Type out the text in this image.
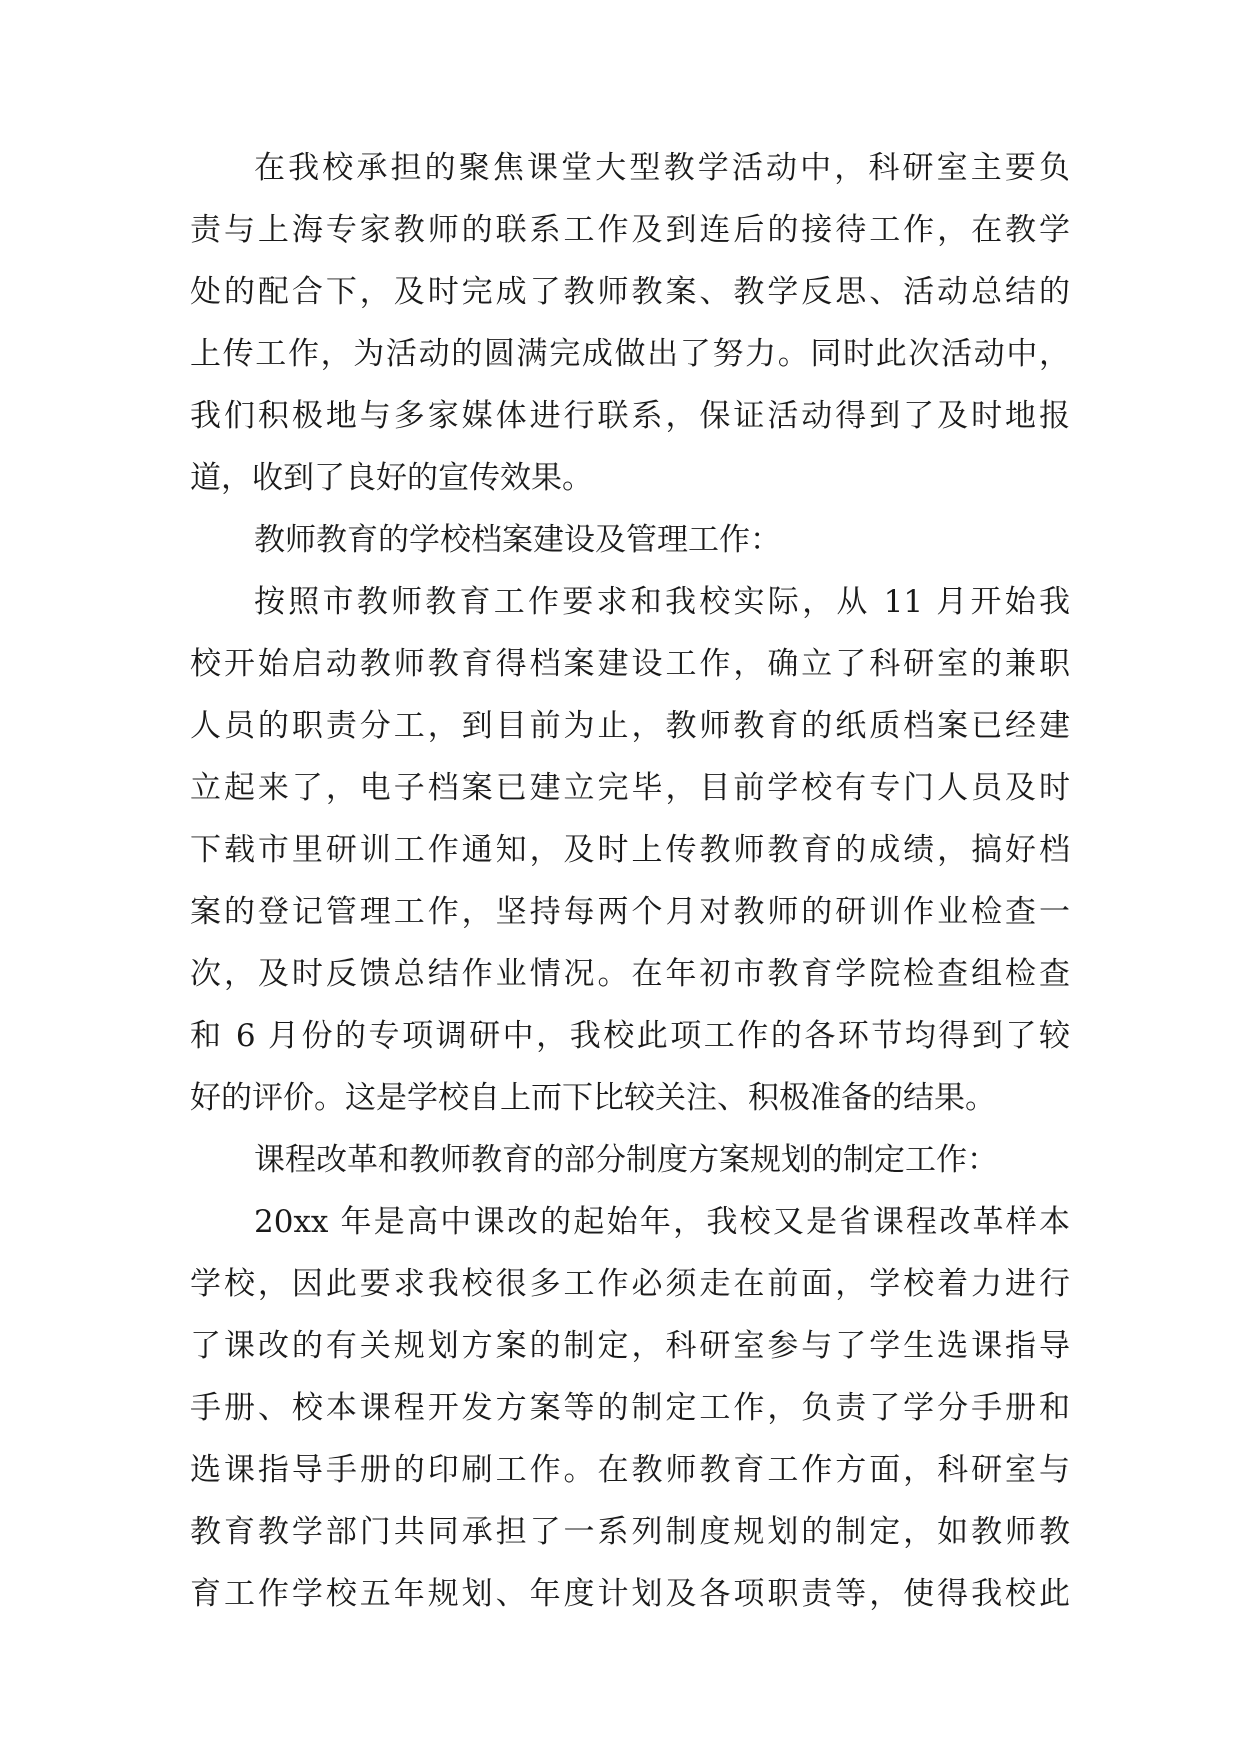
在我校承担的聚焦课堂大型教学活动中，科研室主要负
责与上海专家教师的联系工作及到连后的接待工作，在教学
处的配合下，及时完成了教师教案、教学反思、活动总结的
上传工作，为活动的圆满完成做出了努力。同时此次活动中，
我们积极地与多家媒体进行联系，保证活动得到了及时地报
道，收到了良好的宣传效果。
教师教育的学校档案建设及管理工作：
按照市教师教育工作要求和我校实际，从 11 月开始我
校开始启动教师教育得档案建设工作，确立了科研室的兼职
人员的职责分工，到目前为止，教师教育的纸质档案已经建
立起来了，电子档案已建立完毕，目前学校有专门人员及时
下载市里研训工作通知，及时上传教师教育的成绩，搞好档
案的登记管理工作，坚持每两个月对教师的研训作业检查一
次，及时反馈总结作业情况。在年初市教育学院检查组检查
和 6 月份的专项调研中，我校此项工作的各环节均得到了较
好的评价。这是学校自上而下比较关注、积极准备的结果。
课程改革和教师教育的部分制度方案规划的制定工作：
20xx 年是高中课改的起始年，我校又是省课程改革样本
学校，因此要求我校很多工作必须走在前面，学校着力进行
了课改的有关规划方案的制定，科研室参与了学生选课指导
手册、校本课程开发方案等的制定工作，负责了学分手册和
选课指导手册的印刷工作。在教师教育工作方面，科研室与
教育教学部门共同承担了一系列制度规划的制定，如教师教
育工作学校五年规划、年度计划及各项职责等，使得我校此
